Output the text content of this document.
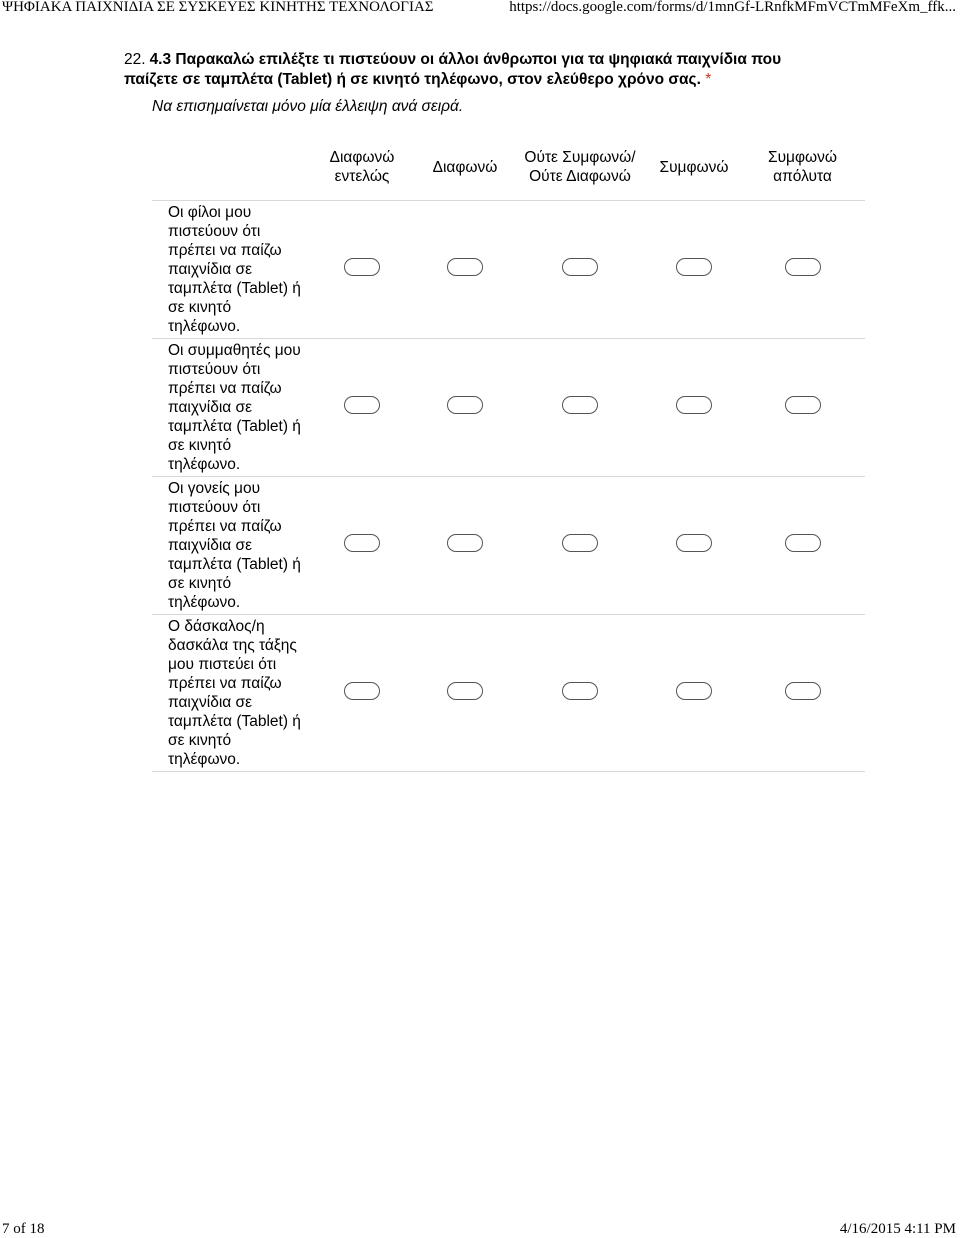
ΨΗΦΙΑΚΑ ΠΑΙΧΝΙΔΙΑ ΣΕ ΣΥΣΚΕΥΕΣ ΚΙΝΗΤΗΣ ΤΕΧΝΟΛΟΓΙΑΣ	https://docs.google.com/forms/d/1mnGf-LRnfkMFmVCTmMFeXm_ffk...
22. 4.3 Παρακαλώ επιλέξτε τι πιστεύουν οι άλλοι άνθρωποι για τα ψηφιακά παιχνίδια που παίζετε σε ταμπλέτα (Tablet) ή σε κινητό τηλέφωνο, στον ελεύθερο χρόνο σας. *
Να επισημαίνεται μόνο μία έλλειψη ανά σειρά.
	Διαφωνώ εντελώς	Διαφωνώ	Ούτε Συμφωνώ/Ούτε Διαφωνώ	Συμφωνώ	Συμφωνώ απόλυτα
Οι φίλοι μου πιστεύουν ότι πρέπει να παίζω παιχνίδια σε ταμπλέτα (Tablet) ή σε κινητό τηλέφωνο.					
Οι συμμαθητές μου πιστεύουν ότι πρέπει να παίζω παιχνίδια σε ταμπλέτα (Tablet) ή σε κινητό τηλέφωνο.					
Οι γονείς μου πιστεύουν ότι πρέπει να παίζω παιχνίδια σε ταμπλέτα (Tablet) ή σε κινητό τηλέφωνο.					
Ο δάσκαλος/η δασκάλα της τάξης μου πιστεύει ότι πρέπει να παίζω παιχνίδια σε ταμπλέτα (Tablet) ή σε κινητό τηλέφωνο.					
7 of 18	4/16/2015 4:11 PM
